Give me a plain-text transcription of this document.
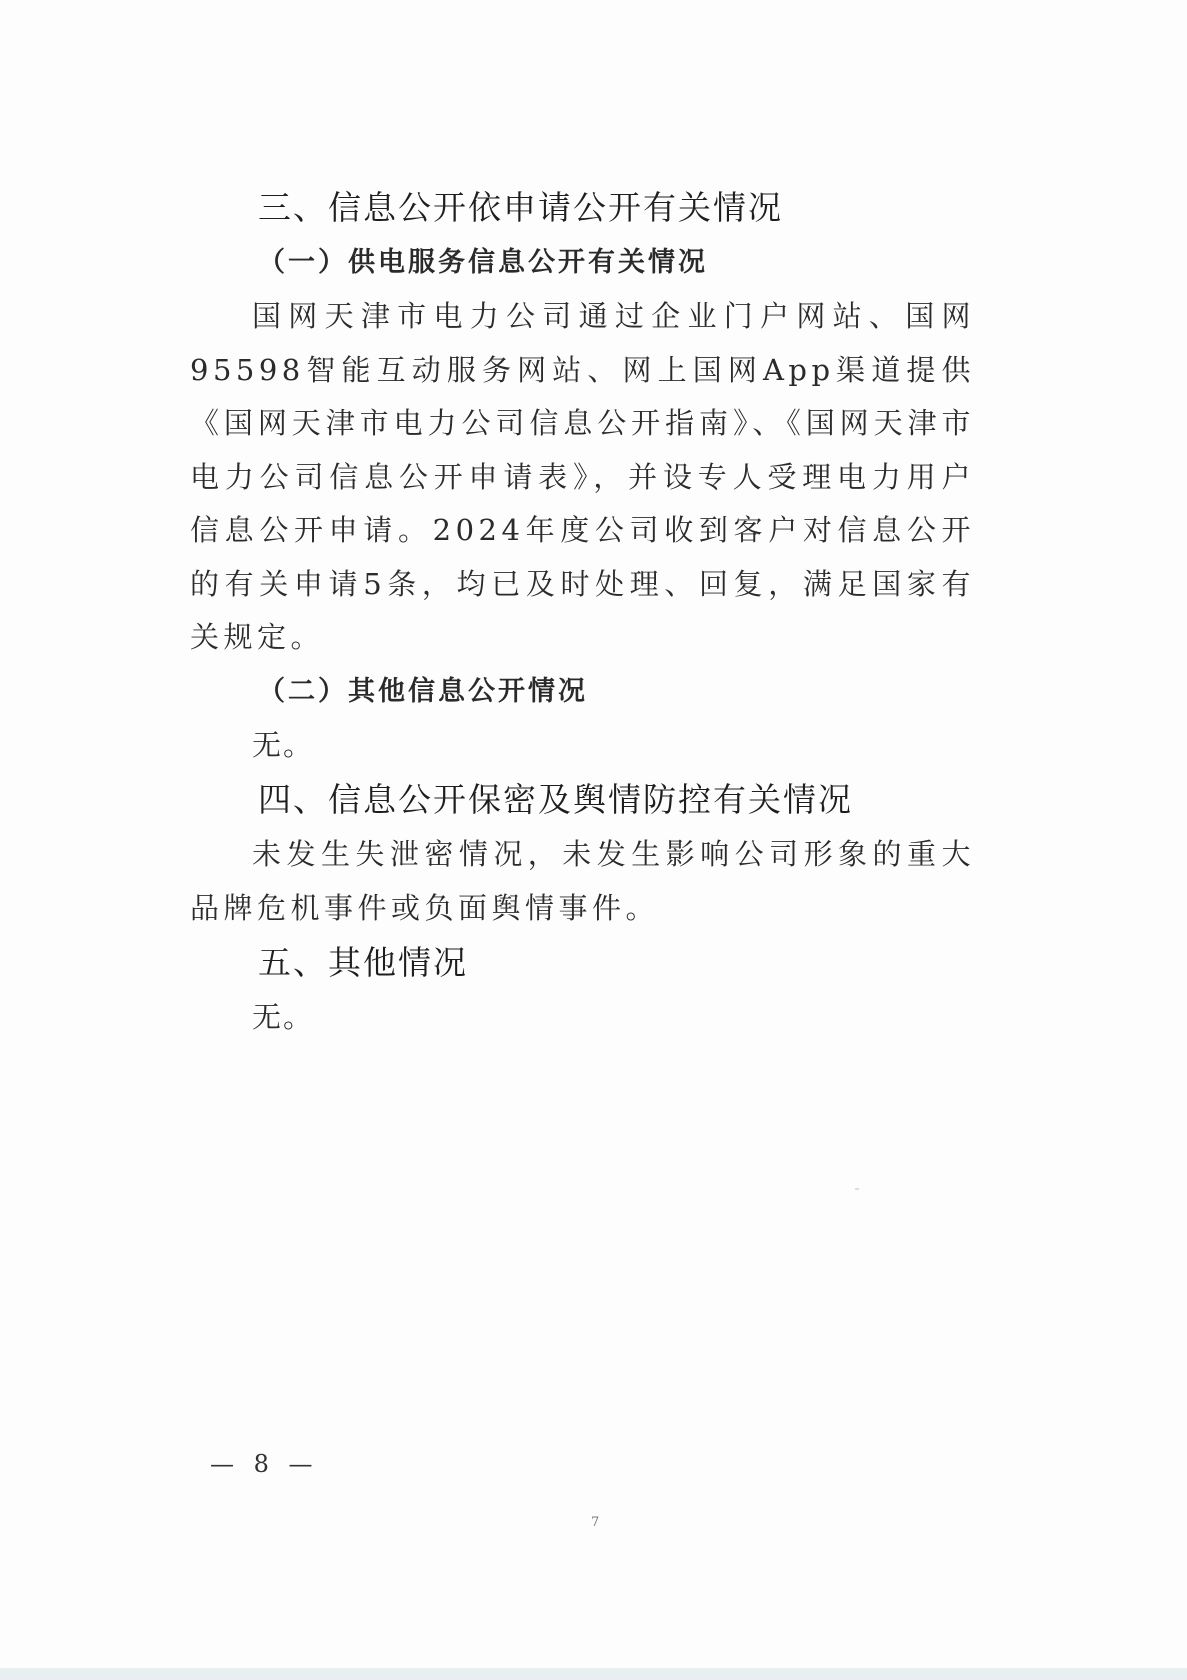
三、信息公开依申请公开有关情况
（一）供电服务信息公开有关情况

国网天津市电力公司通过企业门户网站、国网95598智能互动服务网站、网上国网App渠道提供《国网天津市电力公司信息公开指南》、《国网天津市电力公司信息公开申请表》，并设专人受理电力用户信息公开申请。2024年度公司收到客户对信息公开的有关申请5条，均已及时处理、回复，满足国家有关规定。

（二）其他信息公开情况

无。

四、信息公开保密及舆情防控有关情况

未发生失泄密情况，未发生影响公司形象的重大品牌危机事件或负面舆情事件。

五、其他情况

无。

— 8 —
7
